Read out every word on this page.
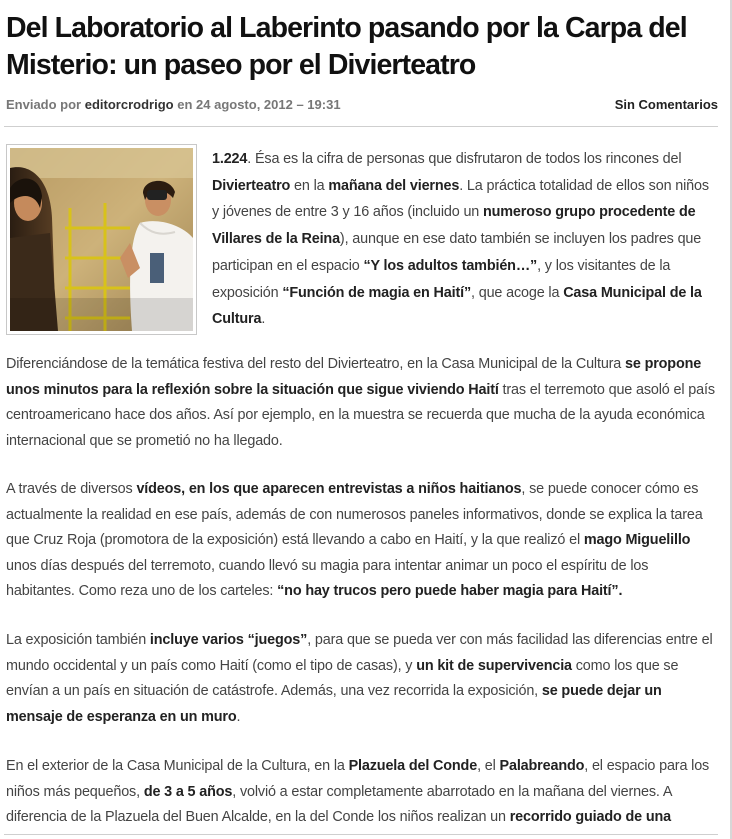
Del Laboratorio al Laberinto pasando por la Carpa del Misterio: un paseo por el Divierteatro
Enviado por editorcrodrigo en 24 agosto, 2012 – 19:31	Sin Comentarios

1.224. Ésa es la cifra de personas que disfrutaron de todos los rincones del Divierteatro en la mañana del viernes. La práctica totalidad de ellos son niños y jóvenes de entre 3 y 16 años (incluido un numeroso grupo procedente de Villares de la Reina), aunque en ese dato también se incluyen los padres que participan en el espacio “Y los adultos también…”, y los visitantes de la exposición “Función de magia en Haití”, que acoge la Casa Municipal de la Cultura.

Diferenciándose de la temática festiva del resto del Divierteatro, en la Casa Municipal de la Cultura se propone unos minutos para la reflexión sobre la situación que sigue viviendo Haití tras el terremoto que asoló el país centroamericano hace dos años. Así por ejemplo, en la muestra se recuerda que mucha de la ayuda económica internacional que se prometió no ha llegado.

A través de diversos vídeos, en los que aparecen entrevistas a niños haitianos, se puede conocer cómo es actualmente la realidad en ese país, además de con numerosos paneles informativos, donde se explica la tarea que Cruz Roja (promotora de la exposición) está llevando a cabo en Haití, y la que realizó el mago Miguelillo unos días después del terremoto, cuando llevó su magia para intentar animar un poco el espíritu de los habitantes. Como reza uno de los carteles: “no hay trucos pero puede haber magia para Haití”.

La exposición también incluye varios “juegos”, para que se pueda ver con más facilidad las diferencias entre el mundo occidental y un país como Haití (como el tipo de casas), y un kit de supervivencia como los que se envían a un país en situación de catástrofe. Además, una vez recorrida la exposición, se puede dejar un mensaje de esperanza en un muro.

En el exterior de la Casa Municipal de la Cultura, en la Plazuela del Conde, el Palabreando, el espacio para los niños más pequeños, de 3 a 5 años, volvió a estar completamente abarrotado en la mañana del viernes. A diferencia de la Plazuela del Buen Alcalde, en la del Conde los niños realizan un recorrido guiado de una
